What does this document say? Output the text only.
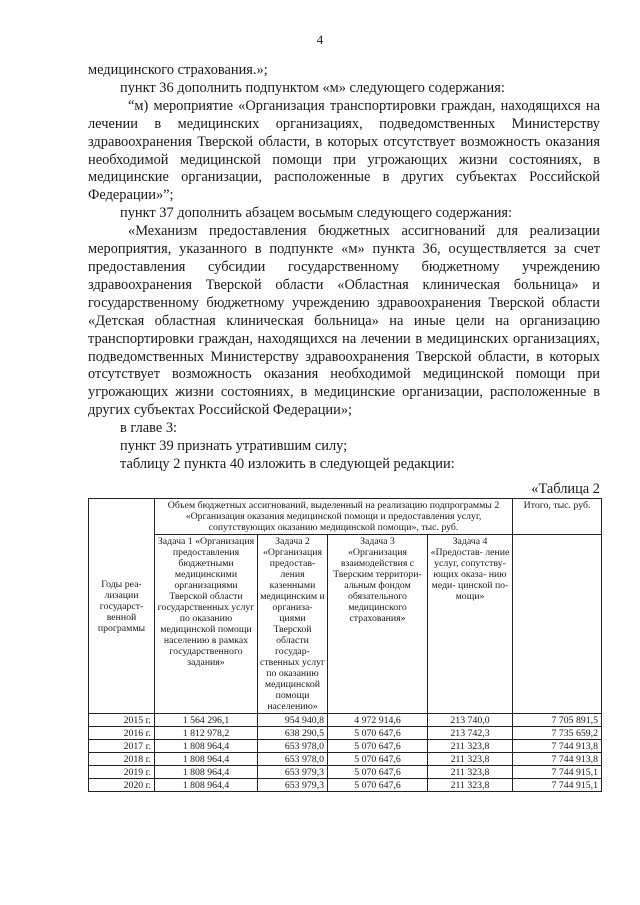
4

медицинского страхования.»;

пункт 36 дополнить подпунктом «м» следующего содержания:

“м) мероприятие «Организация транспортировки граждан, находящихся на лечении в медицинских организациях, подведомственных Министерству здравоохранения Тверской области, в которых отсутствует возможность оказания необходимой медицинской помощи при угрожающих жизни состояниях, в медицинские организации, расположенные в других субъектах Российской Федерации»”;

пункт 37 дополнить абзацем восьмым следующего содержания:

«Механизм предоставления бюджетных ассигнований для реализации мероприятия, указанного в подпункте «м» пункта 36, осуществляется за счет предоставления субсидии государственному бюджетному учреждению здравоохранения Тверской области «Областная клиническая больница» и государственному бюджетному учреждению здравоохранения Тверской области «Детская областная клиническая больница» на иные цели на организацию транспортировки граждан, находящихся на лечении в медицинских организациях, подведомственных Министерству здравоохранения Тверской области, в которых отсутствует возможность оказания необходимой медицинской помощи при угрожающих жизни состояниях, в медицинские организации, расположенные в других субъектах Российской Федерации»;

в главе 3:

пункт 39 признать утратившим силу;

таблицу 2 пункта 40 изложить в следующей редакции:

«Таблица 2
Годы реа- лизации государст- венной программы	Объем бюджетных ассигнований, выделенный на реализацию подпрограммы 2 «Организация оказания медицинской помощи и предоставления услуг, сопутствующих оказанию медицинской помощи», тыс. руб.				Итого, тыс. руб.
	Задача 1 «Организация предоставления бюджетными медицинскими организациями Тверской области государственных услуг по оказанию медицинской помощи населению в рамках государственного задания»	Задача 2 «Организация предостав- ления казенными медицинским и организа- циями Тверской области государ- ственных услуг по оказанию медицинской помощи населению»	Задача 3 «Организация взаимодействия с Тверским территори- альным фондом обязательного медицинского страхования»	Задача 4 «Предостав- ление услуг, сопутству- ющих оказа- нию меди- цинской по- мощи»	
2015 г.	1 564 296,1	954 940,8	4 972 914,6	213 740,0	7 705 891,5
2016 г.	1 812 978,2	638 290,5	5 070 647,6	213 742,3	7 735 659,2
2017 г.	1 808 964,4	653 978,0	5 070 647,6	211 323,8	7 744 913,8
2018 г.	1 808 964,4	653 978,0	5 070 647,6	211 323,8	7 744 913,8
2019 г.	1 808 964,4	653 979,3	5 070 647,6	211 323,8	7 744 915,1
2020 г.	1 808 964,4	653 979,3	5 070 647,6	211 323,8	7 744 915,1
